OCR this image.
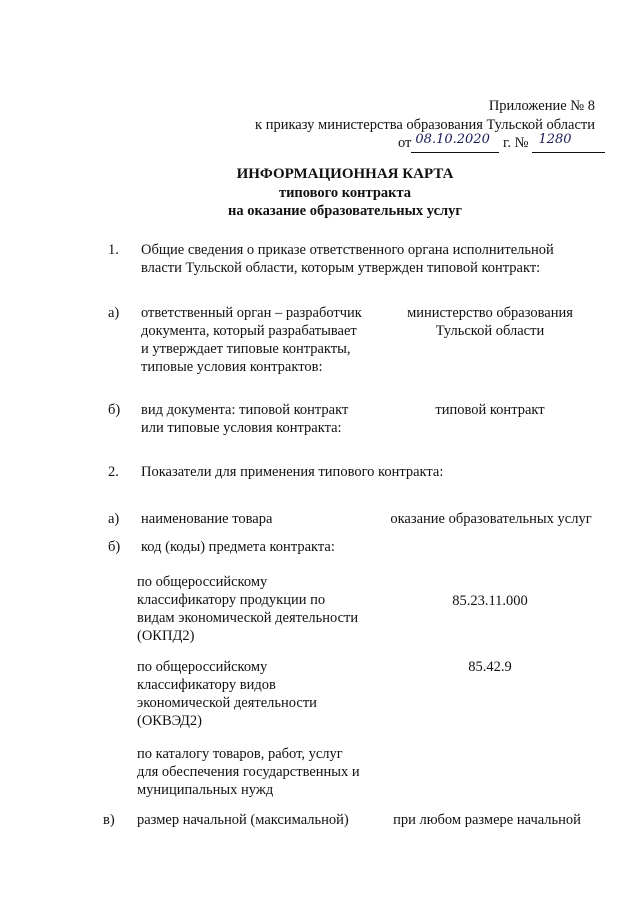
Приложение № 8
к приказу министерства образования Тульской области
от 08.10.2020 г. № 1280

ИНФОРМАЦИОННАЯ КАРТА
типового контракта
на оказание образовательных услуг
1. Общие сведения о приказе ответственного органа исполнительной
власти Тульской области, которым утвержден типовой контракт:
а) ответственный орган – разработчик
документа, который разрабатывает
и утверждает типовые контракты,
типовые условия контрактов:
министерство образования
Тульской области
б) вид документа: типовой контракт
или типовые условия контракта:
типовой контракт
2. Показатели для применения типового контракта:
а) наименование товара	оказание образовательных услуг
б) код (коды) предмета контракта:
по общероссийскому
классификатору продукции по
видам экономической деятельности
(ОКПД2)
85.23.11.000
по общероссийскому
классификатору видов
экономической деятельности
(ОКВЭД2)
85.42.9
по каталогу товаров, работ, услуг
для обеспечения государственных и
муниципальных нужд
в) размер начальной (максимальной)	при любом размере начальной
